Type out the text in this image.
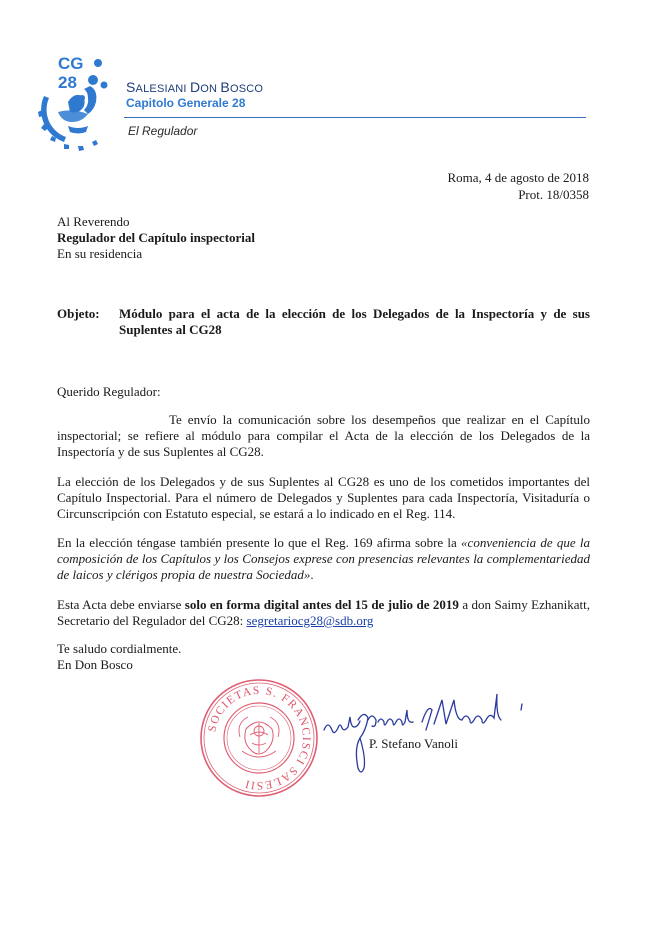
CG
28	SALESIANI DON BOSCO
Capitolo Generale 28
El Regulador
Roma, 4 de agosto de 2018
Prot. 18/0358
Al Reverendo
Regulador del Capítulo inspectorial
En su residencia
Objeto: Módulo para el acta de la elección de los Delegados de la Inspectoría y de sus Suplentes al CG28
Querido Regulador:
Te envío la comunicación sobre los desempeños que realizar en el Capítulo inspectorial; se refiere al módulo para compilar el Acta de la elección de los Delegados de la Inspectoría y de sus Suplentes al CG28.
La elección de los Delegados y de sus Suplentes al CG28 es uno de los cometidos importantes del Capítulo Inspectorial. Para el número de Delegados y Suplentes para cada Inspectoría, Visitaduría o Circunscripción con Estatuto especial, se estará a lo indicado en el Reg. 114.
En la elección téngase también presente lo que el Reg. 169 afirma sobre la «conveniencia de que la composición de los Capítulos y los Consejos exprese con presencias relevantes la complementariedad de laicos y clérigos propia de nuestra Sociedad».
Esta Acta debe enviarse solo en forma digital antes del 15 de julio de 2019 a don Saimy Ezhanikatt, Secretario del Regulador del CG28: segretariocg28@sdb.org
Te saludo cordialmente.
En Don Bosco
SOCIETAS S. FRANCISCI SALESII
P. Stefano Vanoli
